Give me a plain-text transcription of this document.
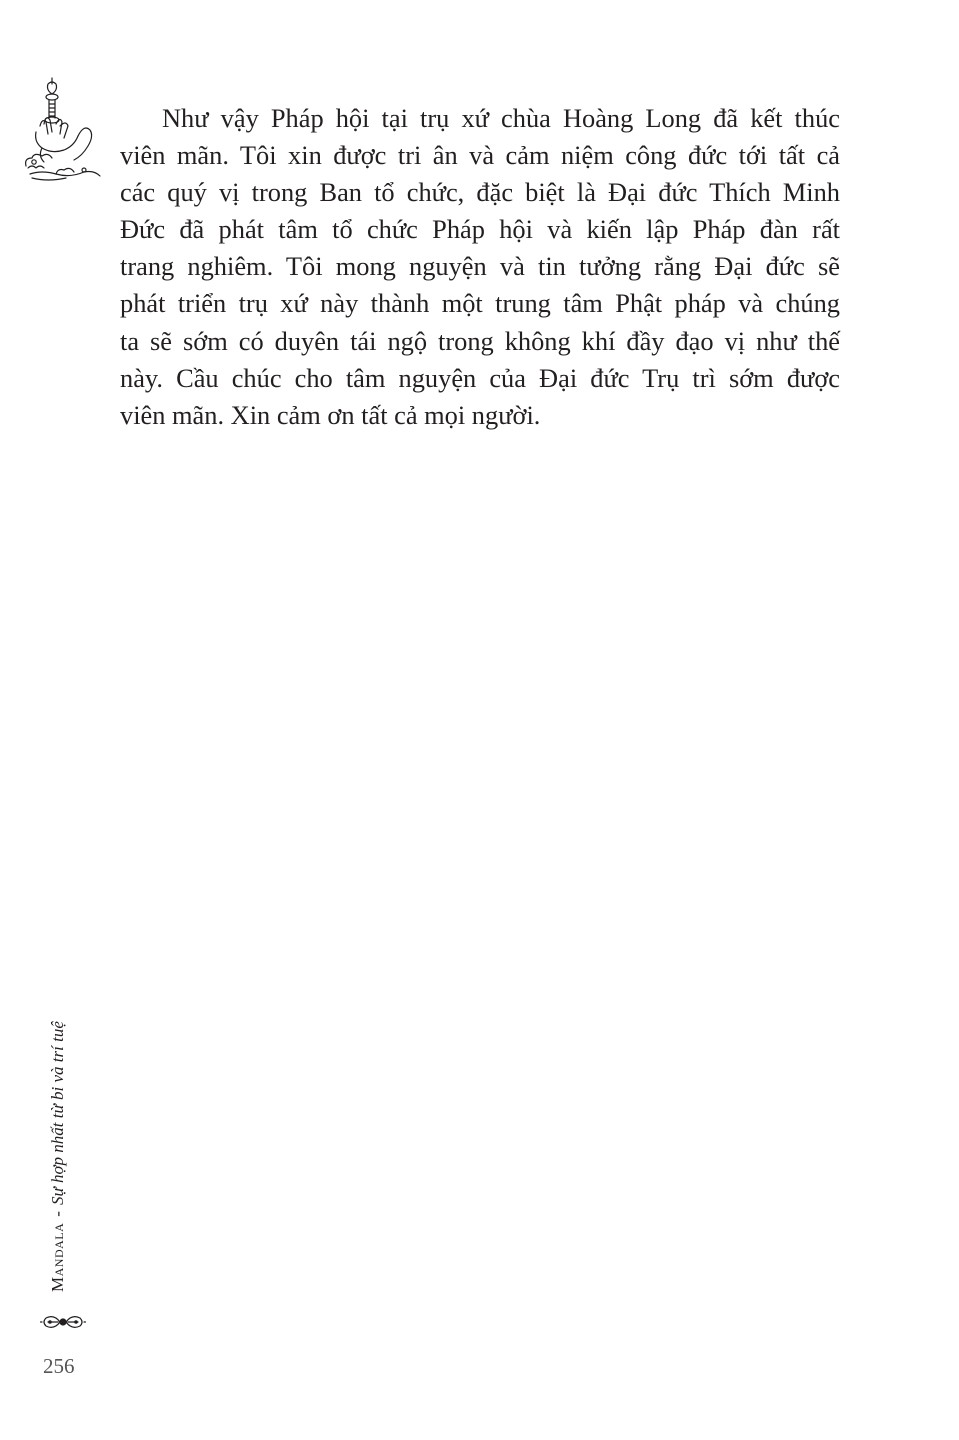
Như vậy Pháp hội tại trụ xứ chùa Hoàng Long đã kết thúc
viên mãn. Tôi xin được tri ân và cảm niệm công đức tới tất cả
các quý vị trong Ban tổ chức, đặc biệt là Đại đức Thích Minh
Đức đã phát tâm tổ chức Pháp hội và kiến lập Pháp đàn rất
trang nghiêm. Tôi mong nguyện và tin tưởng rằng Đại đức sẽ
phát triển trụ xứ này thành một trung tâm Phật pháp và chúng
ta sẽ sớm có duyên tái ngộ trong không khí đầy đạo vị như thế
này. Cầu chúc cho tâm nguyện của Đại đức Trụ trì sớm được
viên mãn. Xin cảm ơn tất cả mọi người.

Mandala-Sự hợp nhất từ bi và trí tuệ
256
